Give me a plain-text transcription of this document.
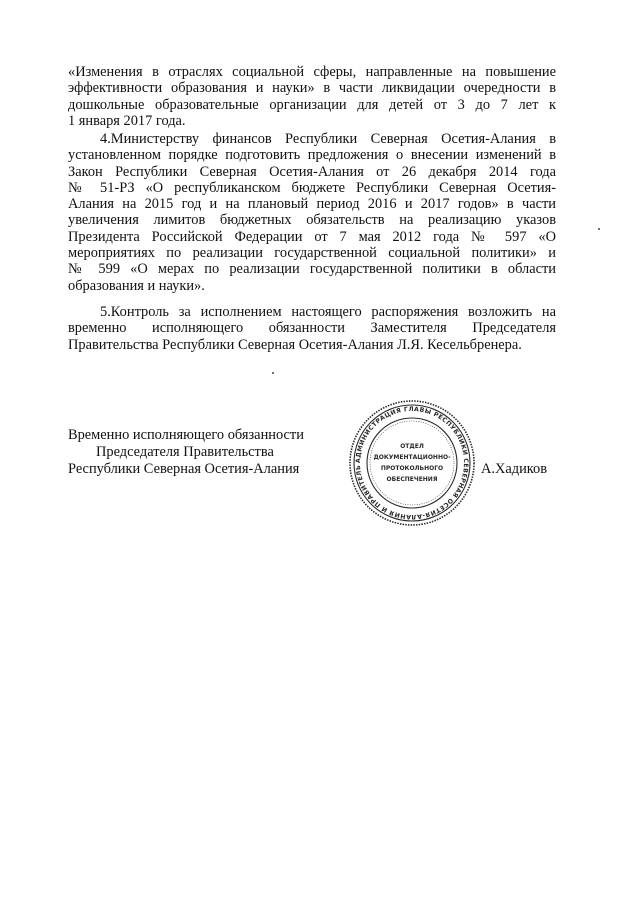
«Изменения в отраслях социальной сферы, направленные на повышение
эффективности образования и науки» в части ликвидации очередности в
дошкольные образовательные организации для детей от 3 до 7 лет к
1 января 2017 года.
4.Министерству финансов Республики Северная Осетия-Алания в
установленном порядке подготовить предложения о внесении изменений в
Закон Республики Северная Осетия-Алания от 26 декабря 2014 года
№ 51-РЗ «О республиканском бюджете Республики Северная Осетия-
Алания на 2015 год и на плановый период 2016 и 2017 годов» в части
увеличения лимитов бюджетных обязательств на реализацию указов
Президента Российской Федерации от 7 мая 2012 года № 597 «О
мероприятиях по реализации государственной социальной политики» и
№ 599 «О мерах по реализации государственной политики в области
образования и науки».
5.Контроль за исполнением настоящего распоряжения возложить на
временно исполняющего обязанности Заместителя Председателя
Правительства Республики Северная Осетия-Алания Л.Я. Кесельбренера.
Временно исполняющего обязанности
Председателя Правительства
Республики Северная Осетия-Алания	А.Хадиков
АДМИНИСТРАЦИЯ ГЛАВЫ РЕСПУБЛИКИ СЕВЕРНАЯ ОСЕТИЯ-АЛАНИЯ И ПРАВИТЕЛЬ
ОТДЕЛ
ДОКУМЕНТАЦИОННО-
ПРОТОКОЛЬНОГО
ОБЕСПЕЧЕНИЯ
